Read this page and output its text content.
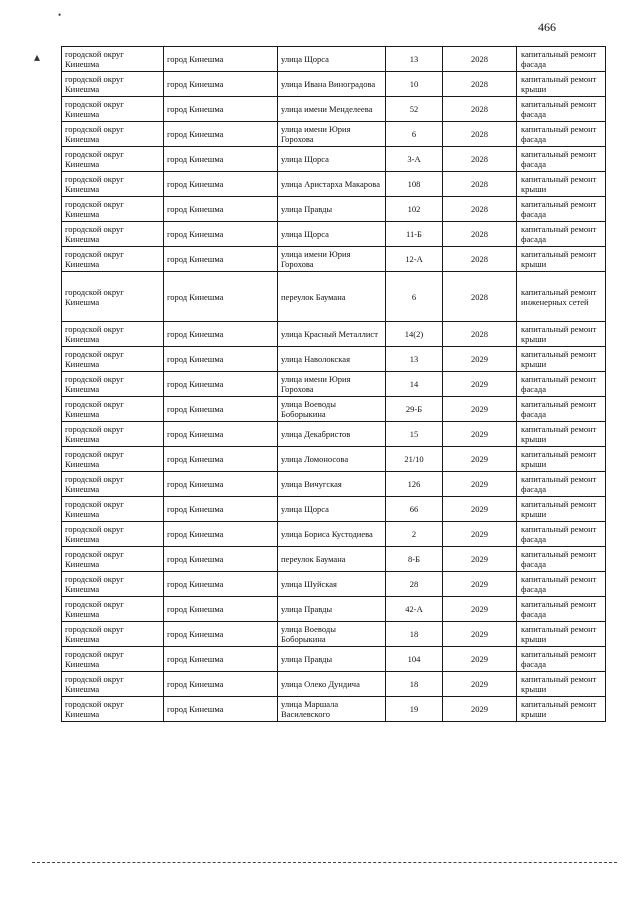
466
•
▴	городской округ Кинешма	город Кинешма	улица Щорса	13	2028	капитальный ремонт фасада
городской округ Кинешма	город Кинешма	улица Ивана Виноградова	10	2028	капитальный ремонт крыши
городской округ Кинешма	город Кинешма	улица имени Менделеева	52	2028	капитальный ремонт фасада
городской округ Кинешма	город Кинешма	улица имени Юрия Горохова	6	2028	капитальный ремонт фасада
городской округ Кинешма	город Кинешма	улица Щорса	3-А	2028	капитальный ремонт фасада
городской округ Кинешма	город Кинешма	улица Аристарха Макарова	108	2028	капитальный ремонт крыши
городской округ Кинешма	город Кинешма	улица Правды	102	2028	капитальный ремонт фасада
городской округ Кинешма	город Кинешма	улица Щорса	11-Б	2028	капитальный ремонт фасада
городской округ Кинешма	город Кинешма	улица имени Юрия Горохова	12-А	2028	капитальный ремонт крыши
городской округ Кинешма	город Кинешма	переулок Баумана	6	2028	капитальный ремонт инженерных сетей
городской округ Кинешма	город Кинешма	улица Красный Металлист	14(2)	2028	капитальный ремонт крыши
городской округ Кинешма	город Кинешма	улица Наволокская	13	2029	капитальный ремонт крыши
городской округ Кинешма	город Кинешма	улица имени Юрия Горохова	14	2029	капитальный ремонт фасада
городской округ Кинешма	город Кинешма	улица Воеводы Боборыкина	29-Б	2029	капитальный ремонт фасада
городской округ Кинешма	город Кинешма	улица Декабристов	15	2029	капитальный ремонт крыши
городской округ Кинешма	город Кинешма	улица Ломоносова	21/10	2029	капитальный ремонт крыши
городской округ Кинешма	город Кинешма	улица Вичугская	126	2029	капитальный ремонт фасада
городской округ Кинешма	город Кинешма	улица Щорса	66	2029	капитальный ремонт крыши
городской округ Кинешма	город Кинешма	улица Бориса Кустодиева	2	2029	капитальный ремонт фасада
городской округ Кинешма	город Кинешма	переулок Баумана	8-Б	2029	капитальный ремонт фасада
городской округ Кинешма	город Кинешма	улица Шуйская	28	2029	капитальный ремонт фасада
городской округ Кинешма	город Кинешма	улица Правды	42-А	2029	капитальный ремонт фасада
городской округ Кинешма	город Кинешма	улица Воеводы Боборыкина	18	2029	капитальный ремонт крыши
городской округ Кинешма	город Кинешма	улица Правды	104	2029	капитальный ремонт фасада
городской округ Кинешма	город Кинешма	улица Олеко Дундича	18	2029	капитальный ремонт крыши
городской округ Кинешма	город Кинешма	улица Маршала Василевского	19	2029	капитальный ремонт крыши
